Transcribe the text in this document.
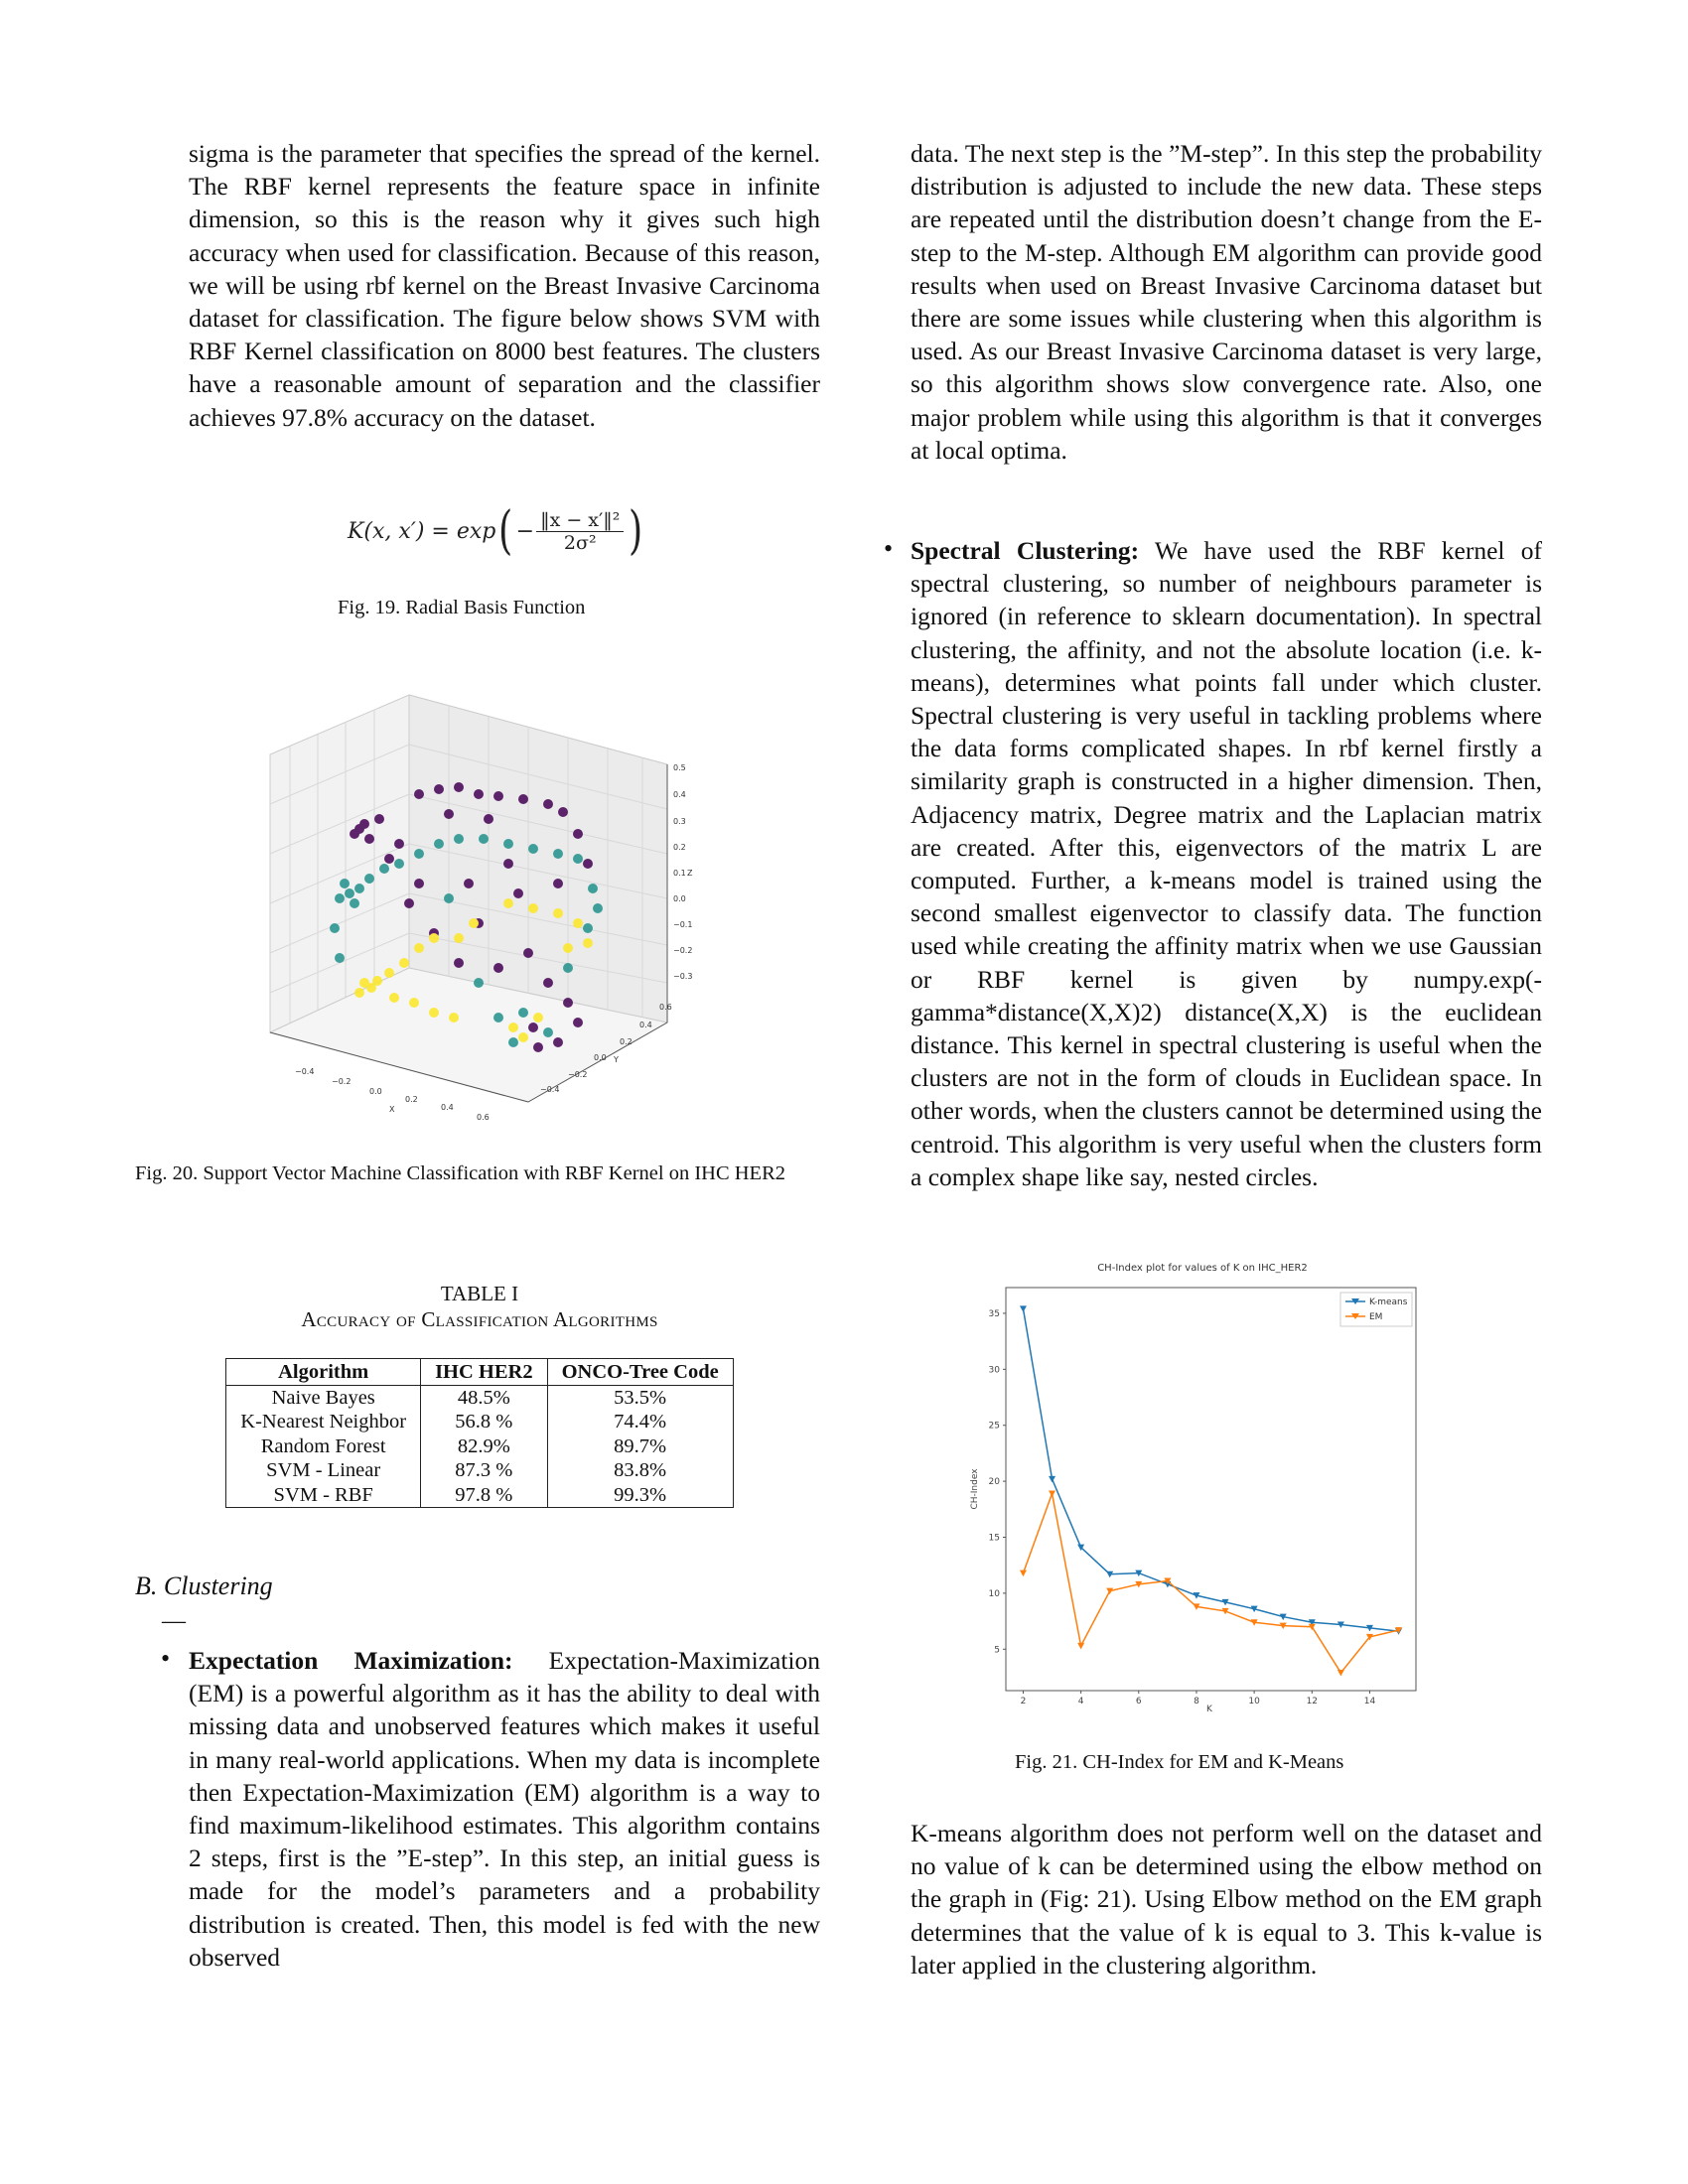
sigma is the parameter that specifies the spread of the kernel. The RBF kernel represents the feature space in infinite dimension, so this is the reason why it gives such high accuracy when used for classification. Because of this reason, we will be using rbf kernel on the Breast Invasive Carcinoma dataset for classification. The figure below shows SVM with RBF Kernel classification on 8000 best features. The clusters have a reasonable amount of separation and the classifier achieves 97.8% accuracy on the dataset.

K(x, x′) = exp ( − $\frac{\text{‖x − x′‖²}}{\text{2σ²}}$ )
Fig. 19. Radial Basis Function
0.5
0.4
0.3
0.2
0.1 Z
0.0
−0.1
−0.2
−0.3
−0.4
−0.2
0.0
0.2
0.4
0.6
X
−0.4
−0.2
0.0 Y
0.2
0.4
0.6
Fig. 20. Support Vector Machine Classification with RBF Kernel on IHC HER2
TABLE I
Accuracy of Classification Algorithms
Algorithm	IHC HER2	ONCO-Tree Code
Naive Bayes	48.5%	53.5%
K-Nearest Neighbor	56.8 %	74.4%
Random Forest	82.9%	89.7%
SVM - Linear	87.3 %	83.8%
SVM - RBF	97.8 %	99.3%
B. Clustering
—
• Expectation Maximization: Expectation-Maximization (EM) is a powerful algorithm as it has the ability to deal with missing data and unobserved features which makes it useful in many real-world applications. When my data is incomplete then Expectation-Maximization (EM) algorithm is a way to find maximum-likelihood estimates. This algorithm contains 2 steps, first is the ”E-step”. In this step, an initial guess is made for the model’s parameters and a probability distribution is created. Then, this model is fed with the new observed

data. The next step is the ”M-step”. In this step the probability distribution is adjusted to include the new data. These steps are repeated until the distribution doesn’t change from the E-step to the M-step. Although EM algorithm can provide good results when used on Breast Invasive Carcinoma dataset but there are some issues while clustering when this algorithm is used. As our Breast Invasive Carcinoma dataset is very large, so this algorithm shows slow convergence rate. Also, one major problem while using this algorithm is that it converges at local optima.

• Spectral Clustering: We have used the RBF kernel of spectral clustering, so number of neighbours parameter is ignored (in reference to sklearn documentation). In spectral clustering, the affinity, and not the absolute location (i.e. k-means), determines what points fall under which cluster. Spectral clustering is very useful in tackling problems where the data forms complicated shapes. In rbf kernel firstly a similarity graph is constructed in a higher dimension. Then, Adjacency matrix, Degree matrix and the Laplacian matrix are created. After this, eigenvectors of the matrix L are computed. Further, a k-means model is trained using the second smallest eigenvector to classify data. The function used while creating the affinity matrix when we use Gaussian or RBF kernel is given by numpy.exp(-gamma*distance(X,X)2) distance(X,X) is the euclidean distance. This kernel in spectral clustering is useful when the clusters are not in the form of clouds in Euclidean space. In other words, when the clusters cannot be determined using the centroid. This algorithm is very useful when the clusters form a complex shape like say, nested circles.

CH-Index plot for values of K on IHC_HER2
5
10
15
20
25
30
35
2	4	6	8	10	12	14
K
CH-Index
K-means
EM
Fig. 21. CH-Index for EM and K-Means

K-means algorithm does not perform well on the dataset and no value of k can be determined using the elbow method on the graph in (Fig: 21). Using Elbow method on the EM graph determines that the value of k is equal to 3. This k-value is later applied in the clustering algorithm.
